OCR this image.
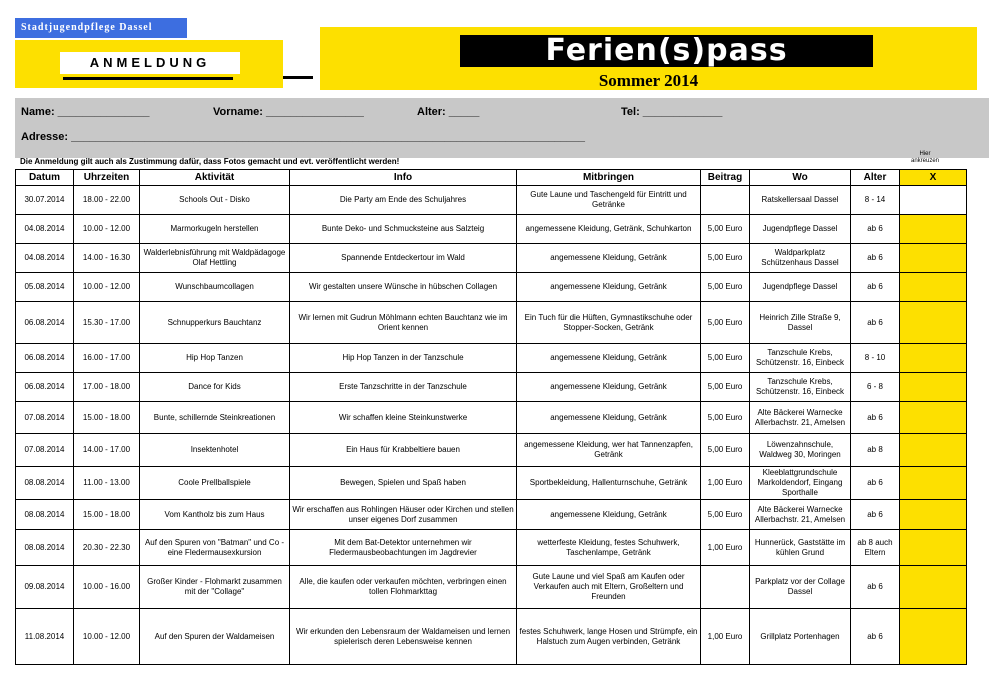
Stadtjugendpflege Dassel
ANMELDUNG	Ferien(s)pass
Sommer 2014
Name: _______________	Vorname: ________________	Alter: _____	Tel: _____________
Adresse: ____________________________________________________________________________________
Die Anmeldung gilt auch als Zustimmung dafür, dass Fotos gemacht und evt. veröffentlicht werden!
Hier ankreuzen
Datum	Uhrzeiten	Aktivität	Info	Mitbringen	Beitrag	Wo	Alter	X
30.07.2014	18.00 - 22.00	Schools Out - Disko	Die Party am Ende des Schuljahres	Gute Laune und Taschengeld für Eintritt und Getränke		Ratskellersaal Dassel	8 - 14	
04.08.2014	10.00 - 12.00	Marmorkugeln herstellen	Bunte Deko- und Schmucksteine aus Salzteig	angemessene Kleidung, Getränk, Schuhkarton	5,00 Euro	Jugendpflege Dassel	ab 6	
04.08.2014	14.00 - 16.30	Walderlebnisführung mit Waldpädagoge Olaf Hettling	Spannende Entdeckertour im Wald	angemessene Kleidung, Getränk	5,00 Euro	Waldparkplatz Schützenhaus Dassel	ab 6	
05.08.2014	10.00 - 12.00	Wunschbaumcollagen	Wir gestalten unsere Wünsche in hübschen Collagen	angemessene Kleidung, Getränk	5,00 Euro	Jugendpflege Dassel	ab 6	
06.08.2014	15.30 - 17.00	Schnupperkurs Bauchtanz	Wir lernen mit Gudrun Möhlmann echten Bauchtanz wie im Orient kennen	Ein Tuch für die Hüften, Gymnastikschuhe oder Stopper-Socken, Getränk	5,00 Euro	Heinrich Zille Straße 9, Dassel	ab 6	
06.08.2014	16.00 - 17.00	Hip Hop Tanzen	Hip Hop Tanzen in der Tanzschule	angemessene Kleidung, Getränk	5,00 Euro	Tanzschule Krebs, Schützenstr. 16, Einbeck	8 - 10	
06.08.2014	17.00 - 18.00	Dance for Kids	Erste Tanzschritte in der Tanzschule	angemessene Kleidung, Getränk	5,00 Euro	Tanzschule Krebs, Schützenstr. 16, Einbeck	6 - 8	
07.08.2014	15.00 - 18.00	Bunte, schillernde Steinkreationen	Wir schaffen kleine Steinkunstwerke	angemessene Kleidung, Getränk	5,00 Euro	Alte Bäckerei Warnecke Allerbachstr. 21, Amelsen	ab 6	
07.08.2014	14.00 - 17.00	Insektenhotel	Ein Haus für Krabbeltiere bauen	angemessene Kleidung, wer hat Tannenzapfen, Getränk	5,00 Euro	Löwenzahnschule, Waldweg 30, Moringen	ab 8	
08.08.2014	11.00 - 13.00	Coole Prellballspiele	Bewegen, Spielen und Spaß haben	Sportbekleidung, Hallenturnschuhe, Getränk	1,00 Euro	Kleeblattgrundschule Markoldendorf, Eingang Sporthalle	ab 6	
08.08.2014	15.00 - 18.00	Vom Kantholz bis zum Haus	Wir erschaffen aus Rohlingen Häuser oder Kirchen und stellen unser eigenes Dorf zusammen	angemessene Kleidung, Getränk	5,00 Euro	Alte Bäckerei Warnecke Allerbachstr. 21, Amelsen	ab 6	
08.08.2014	20.30 - 22.30	Auf den Spuren von "Batman" und Co - eine Fledermausexkursion	Mit dem Bat-Detektor unternehmen wir Fledermausbeobachtungen im Jagdrevier	wetterfeste Kleidung, festes Schuhwerk, Taschenlampe, Getränk	1,00 Euro	Hunnerück, Gaststätte im kühlen Grund	ab 8 auch Eltern	
09.08.2014	10.00 - 16.00	Großer Kinder - Flohmarkt zusammen mit der "Collage"	Alle, die kaufen oder verkaufen möchten, verbringen einen tollen Flohmarkttag	Gute Laune und viel Spaß am Kaufen oder Verkaufen auch mit Eltern, Großeltern und Freunden		Parkplatz vor der Collage Dassel	ab 6	
11.08.2014	10.00 - 12.00	Auf den Spuren der Waldameisen	Wir erkunden den Lebensraum der Waldameisen und lernen spielerisch deren Lebensweise kennen	festes Schuhwerk, lange Hosen und Strümpfe, ein Halstuch zum Augen verbinden, Getränk	1,00 Euro	Grillplatz Portenhagen	ab 6	
